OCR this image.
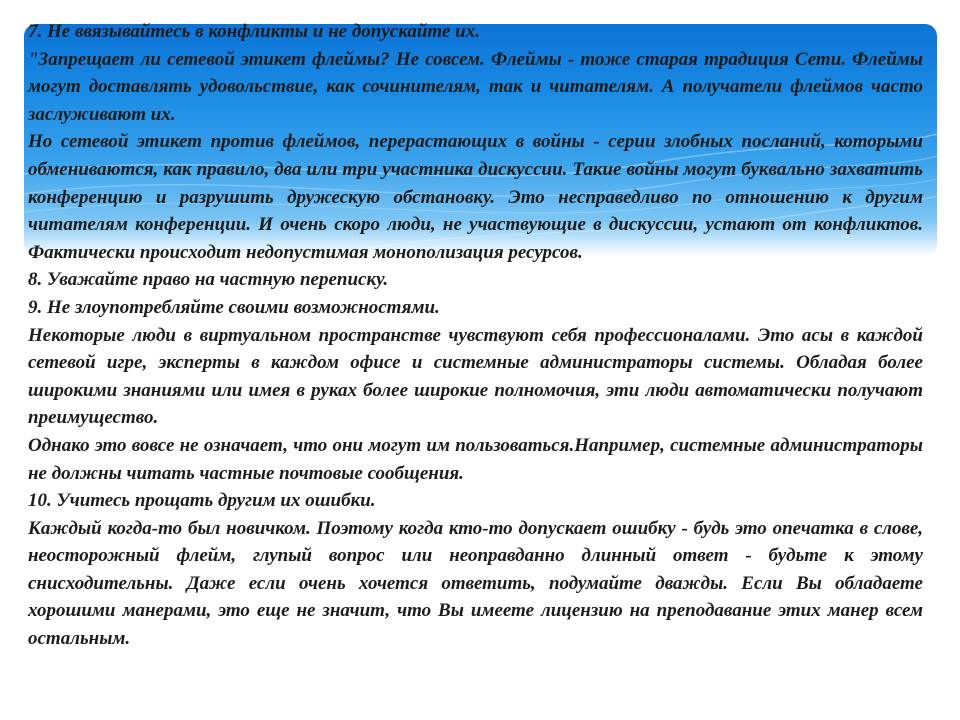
7. Не ввязывайтесь в конфликты и не допускайте их.

"Запрещает ли сетевой этикет флеймы? Не совсем. Флеймы - тоже старая традиция Сети. Флеймы могут доставлять удовольствие, как сочинителям, так и читателям. А получатели флеймов часто заслуживают их.

Но сетевой этикет против флеймов, перерастающих в войны - серии злобных посланий, которыми обмениваются, как правило, два или три участника дискуссии. Такие войны могут буквально захватить конференцию и разрушить дружескую обстановку. Это несправедливо по отношению к другим читателям конференции. И очень скоро люди, не участвующие в дискуссии, устают от конфликтов. Фактически происходит недопустимая монополизация ресурсов.

8. Уважайте право на частную переписку.

9. Не злоупотребляйте своими возможностями.

Некоторые люди в виртуальном пространстве чувствуют себя профессионалами. Это асы в каждой сетевой игре, эксперты в каждом офисе и системные администраторы системы. Обладая более широкими знаниями или имея в руках более широкие полномочия, эти люди автоматически получают преимущество.

Однако это вовсе не означает, что они могут им пользоваться.Например, системные администраторы не должны читать частные почтовые сообщения.

10. Учитесь прощать другим их ошибки.

Каждый когда-то был новичком. Поэтому когда кто-то допускает ошибку - будь это опечатка в слове, неосторожный флейм, глупый вопрос или неоправданно длинный ответ - будьте к этому снисходительны. Даже если очень хочется ответить, подумайте дважды. Если Вы обладаете хорошими манерами, это еще не значит, что Вы имеете лицензию на преподавание этих манер всем остальным.
